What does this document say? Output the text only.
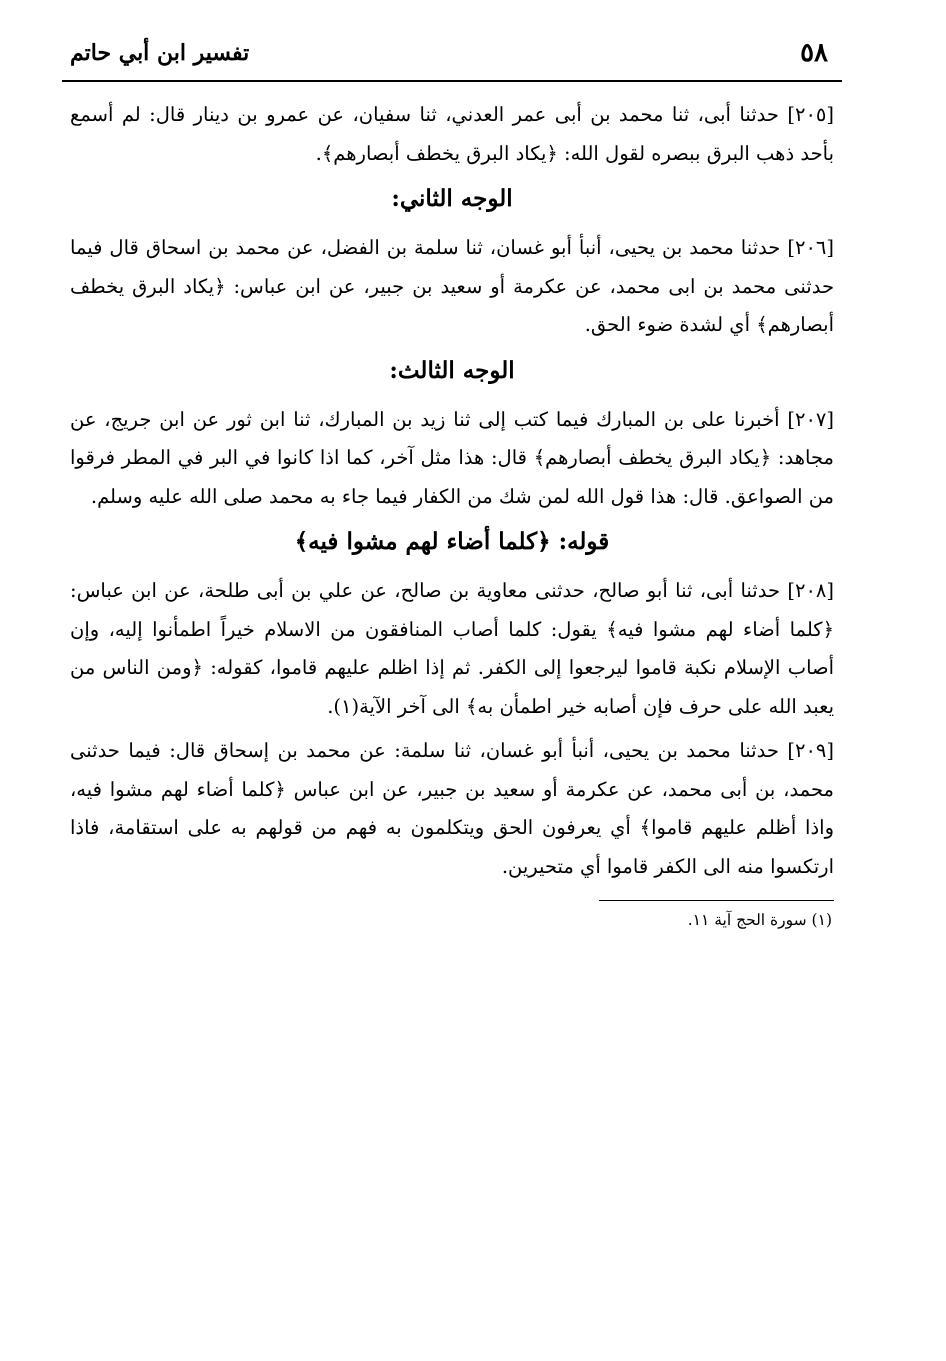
٥٨
تفسير ابن أبي حاتم

[٢٠٥] حدثنا أبى، ثنا محمد بن أبى عمر العدني، ثنا سفيان، عن عمرو بن دينار قال: لم أسمع بأحد ذهب البرق ببصره لقول الله: ﴿يكاد البرق يخطف أبصارهم﴾.

الوجه الثاني:

[٢٠٦] حدثنا محمد بن يحيى، أنبأ أبو غسان، ثنا سلمة بن الفضل، عن محمد بن اسحاق قال فيما حدثنى محمد بن ابى محمد، عن عكرمة أو سعيد بن جبير، عن ابن عباس: ﴿يكاد البرق يخطف أبصارهم﴾ أي لشدة ضوء الحق.

الوجه الثالث:

[٢٠٧] أخبرنا على بن المبارك فيما كتب إلى ثنا زيد بن المبارك، ثنا ابن ثور عن ابن جريج، عن مجاهد: ﴿يكاد البرق يخطف أبصارهم﴾ قال: هذا مثل آخر، كما اذا كانوا في البر في المطر فرقوا من الصواعق. قال: هذا قول الله لمن شك من الكفار فيما جاء به محمد صلى الله عليه وسلم.

قوله: ﴿كلما أضاء لهم مشوا فيه﴾

[٢٠٨] حدثنا أبى، ثنا أبو صالح، حدثنى معاوية بن صالح، عن علي بن أبى طلحة، عن ابن عباس: ﴿كلما أضاء لهم مشوا فيه﴾ يقول: كلما أصاب المنافقون من الاسلام خيراً اطمأنوا إليه، وإن أصاب الإسلام نكبة قاموا ليرجعوا إلى الكفر. ثم إذا اظلم عليهم قاموا، كقوله: ﴿ومن الناس من يعبد الله على حرف فإن أصابه خير اطمأن به﴾ الى آخر الآية(١).

[٢٠٩] حدثنا محمد بن يحيى، أنبأ أبو غسان، ثنا سلمة: عن محمد بن إسحاق قال: فيما حدثنى محمد، بن أبى محمد، عن عكرمة أو سعيد بن جبير، عن ابن عباس ﴿كلما أضاء لهم مشوا فيه، واذا أظلم عليهم قاموا﴾ أي يعرفون الحق ويتكلمون به فهم من قولهم به على استقامة، فاذا ارتكسوا منه الى الكفر قاموا أي متحيرين.

(١) سورة الحج آية ١١.
